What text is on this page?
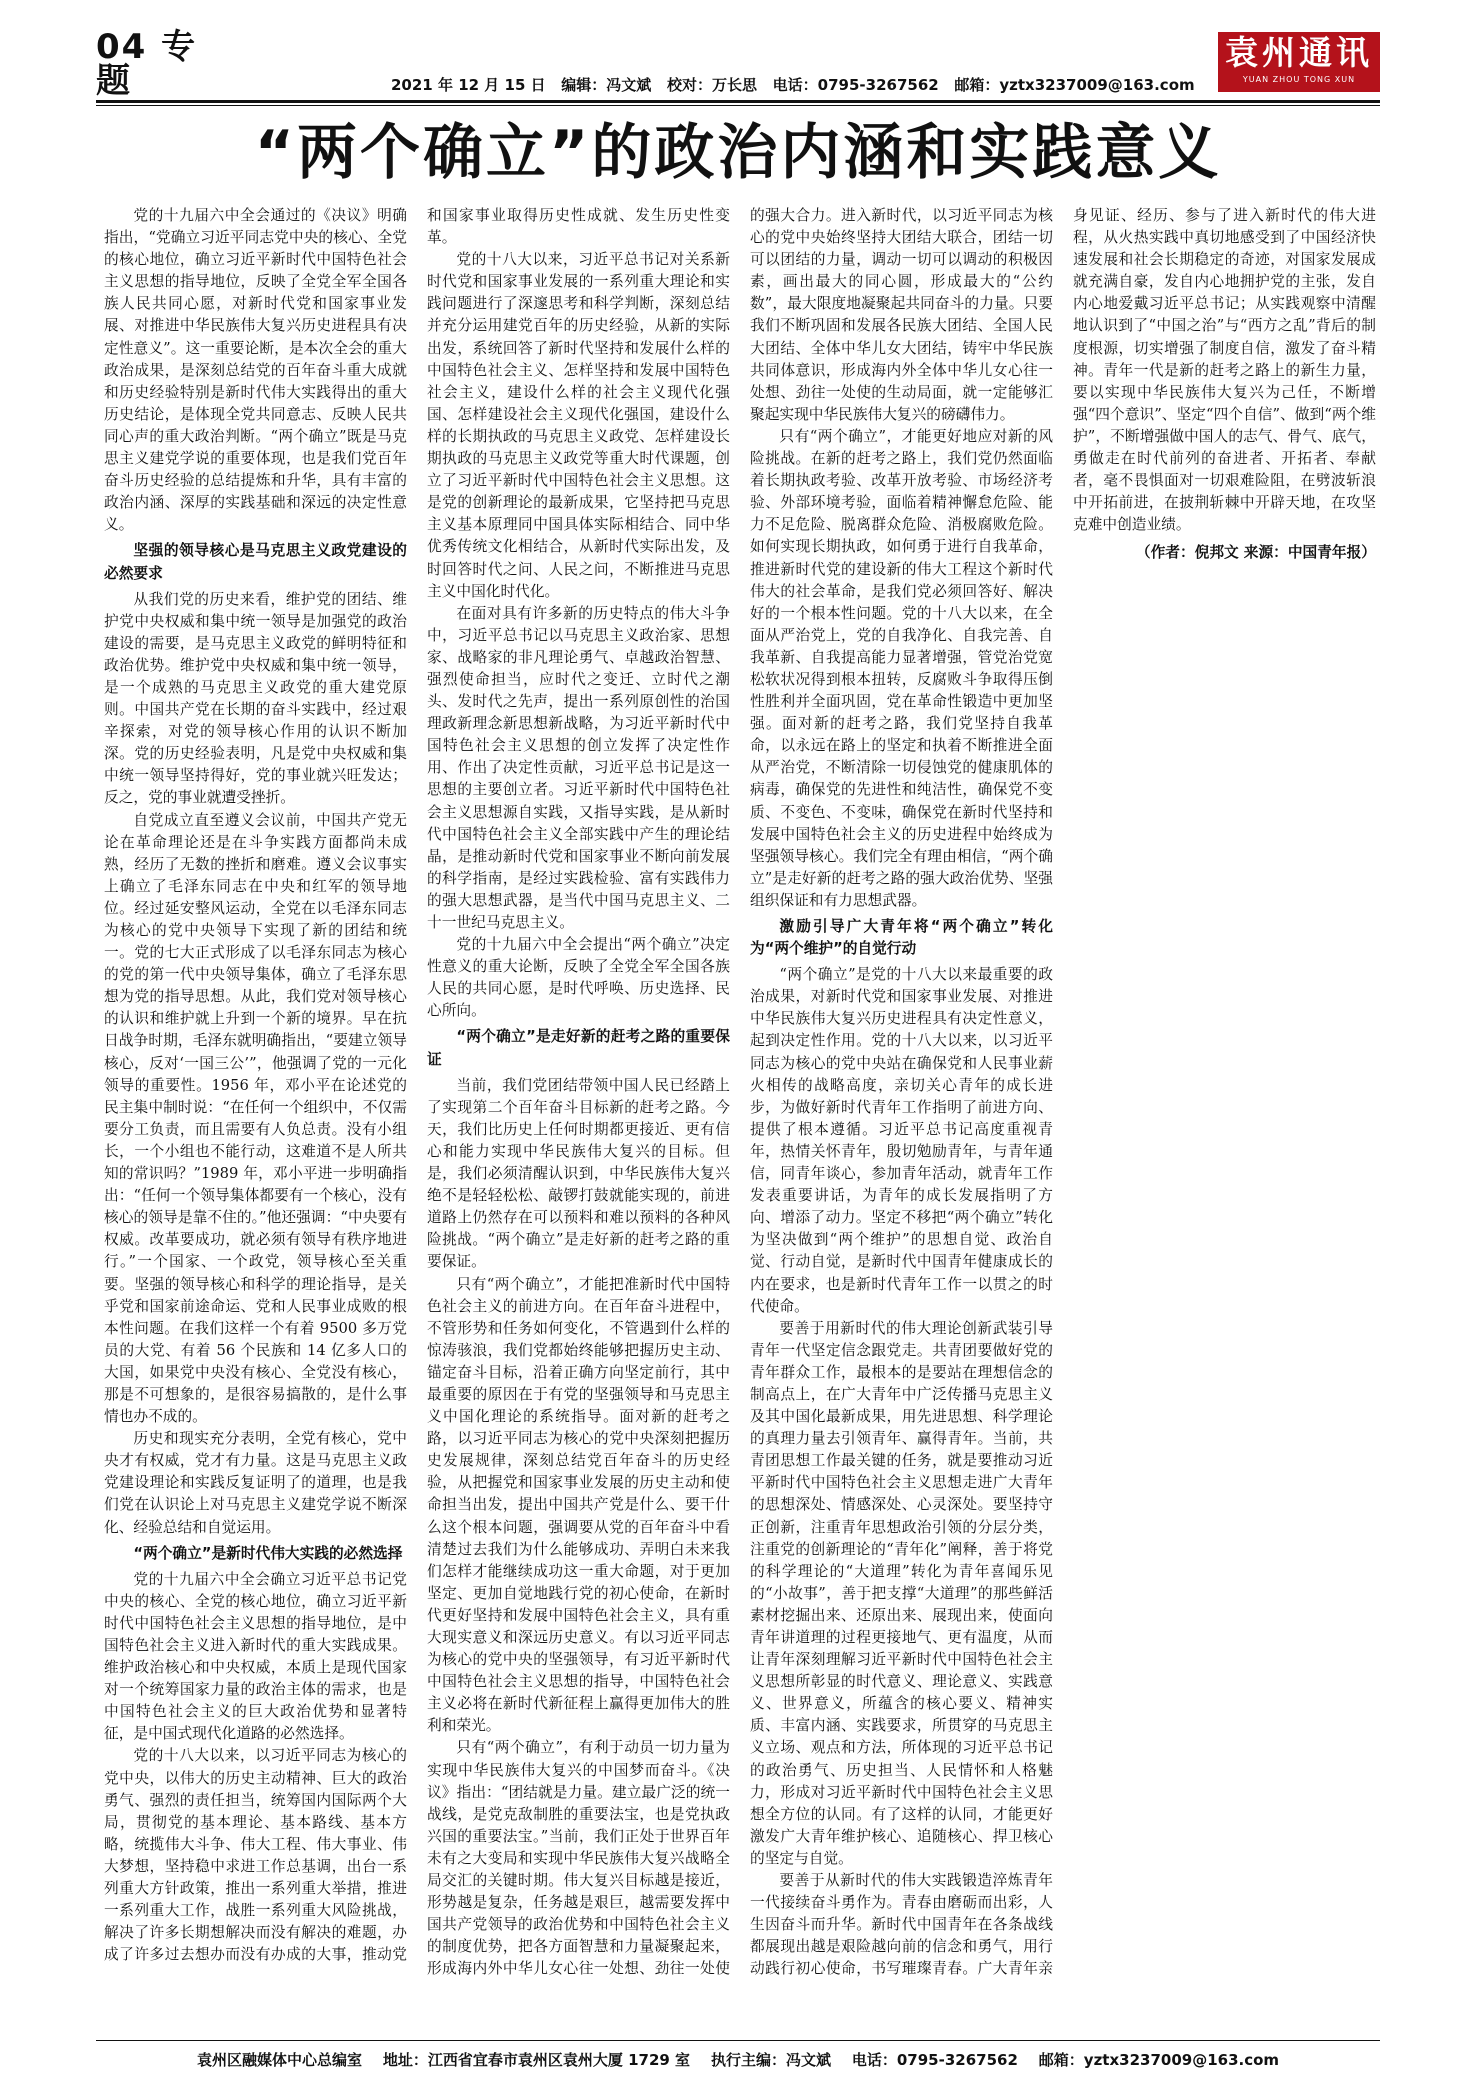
04 专题	2021 年 12 月 15 日 编辑：冯文斌 校对：万长思 电话：0795-3267562 邮箱：yztx3237009@163.com
袁州通讯
YUAN ZHOU TONG XUN
“两个确立”的政治内涵和实践意义

党的十九届六中全会通过的《决议》明确指出，“党确立习近平同志党中央的核心、全党的核心地位，确立习近平新时代中国特色社会主义思想的指导地位，反映了全党全军全国各族人民共同心愿，对新时代党和国家事业发展、对推进中华民族伟大复兴历史进程具有决定性意义”。这一重要论断，是本次全会的重大政治成果，是深刻总结党的百年奋斗重大成就和历史经验特别是新时代伟大实践得出的重大历史结论，是体现全党共同意志、反映人民共同心声的重大政治判断。“两个确立”既是马克思主义建党学说的重要体现，也是我们党百年奋斗历史经验的总结提炼和升华，具有丰富的政治内涵、深厚的实践基础和深远的决定性意义。

坚强的领导核心是马克思主义政党建设的必然要求

从我们党的历史来看，维护党的团结、维护党中央权威和集中统一领导是加强党的政治建设的需要，是马克思主义政党的鲜明特征和政治优势。维护党中央权威和集中统一领导，是一个成熟的马克思主义政党的重大建党原则。中国共产党在长期的奋斗实践中，经过艰辛探索，对党的领导核心作用的认识不断加深。党的历史经验表明，凡是党中央权威和集中统一领导坚持得好，党的事业就兴旺发达；反之，党的事业就遭受挫折。

自党成立直至遵义会议前，中国共产党无论在革命理论还是在斗争实践方面都尚未成熟，经历了无数的挫折和磨难。遵义会议事实上确立了毛泽东同志在中央和红军的领导地位。经过延安整风运动，全党在以毛泽东同志为核心的党中央领导下实现了新的团结和统一。党的七大正式形成了以毛泽东同志为核心的党的第一代中央领导集体，确立了毛泽东思想为党的指导思想。从此，我们党对领导核心的认识和维护就上升到一个新的境界。早在抗日战争时期，毛泽东就明确指出，“要建立领导核心，反对‘一国三公’”，他强调了党的一元化领导的重要性。1956 年，邓小平在论述党的民主集中制时说：“在任何一个组织中，不仅需要分工负责，而且需要有人负总责。没有小组长，一个小组也不能行动，这难道不是人所共知的常识吗？”1989 年，邓小平进一步明确指出：“任何一个领导集体都要有一个核心，没有核心的领导是靠不住的。”他还强调：“中央要有权威。改革要成功，就必须有领导有秩序地进行。”一个国家、一个政党，领导核心至关重要。坚强的领导核心和科学的理论指导，是关乎党和国家前途命运、党和人民事业成败的根本性问题。在我们这样一个有着 9500 多万党员的大党、有着 56 个民族和 14 亿多人口的大国，如果党中央没有核心、全党没有核心，那是不可想象的，是很容易搞散的，是什么事情也办不成的。

历史和现实充分表明，全党有核心，党中央才有权威，党才有力量。这是马克思主义政党建设理论和实践反复证明了的道理，也是我们党在认识论上对马克思主义建党学说不断深化、经验总结和自觉运用。

“两个确立”是新时代伟大实践的必然选择

党的十九届六中全会确立习近平总书记党中央的核心、全党的核心地位，确立习近平新时代中国特色社会主义思想的指导地位，是中国特色社会主义进入新时代的重大实践成果。维护政治核心和中央权威，本质上是现代国家对一个统筹国家力量的政治主体的需求，也是中国特色社会主义的巨大政治优势和显著特征，是中国式现代化道路的必然选择。

党的十八大以来，以习近平同志为核心的党中央，以伟大的历史主动精神、巨大的政治勇气、强烈的责任担当，统筹国内国际两个大局，贯彻党的基本理论、基本路线、基本方略，统揽伟大斗争、伟大工程、伟大事业、伟大梦想，坚持稳中求进工作总基调，出台一系列重大方针政策，推出一系列重大举措，推进一系列重大工作，战胜一系列重大风险挑战，解决了许多长期想解决而没有解决的难题，办成了许多过去想办而没有办成的大事，推动党和国家事业取得历史性成就、发生历史性变革。

党的十八大以来，习近平总书记对关系新时代党和国家事业发展的一系列重大理论和实践问题进行了深邃思考和科学判断，深刻总结并充分运用建党百年的历史经验，从新的实际出发，系统回答了新时代坚持和发展什么样的中国特色社会主义、怎样坚持和发展中国特色社会主义，建设什么样的社会主义现代化强国、怎样建设社会主义现代化强国，建设什么样的长期执政的马克思主义政党、怎样建设长期执政的马克思主义政党等重大时代课题，创立了习近平新时代中国特色社会主义思想。这是党的创新理论的最新成果，它坚持把马克思主义基本原理同中国具体实际相结合、同中华优秀传统文化相结合，从新时代实际出发，及时回答时代之问、人民之问，不断推进马克思主义中国化时代化。

在面对具有许多新的历史特点的伟大斗争中，习近平总书记以马克思主义政治家、思想家、战略家的非凡理论勇气、卓越政治智慧、强烈使命担当，应时代之变迁、立时代之潮头、发时代之先声，提出一系列原创性的治国理政新理念新思想新战略，为习近平新时代中国特色社会主义思想的创立发挥了决定性作用、作出了决定性贡献，习近平总书记是这一思想的主要创立者。习近平新时代中国特色社会主义思想源自实践，又指导实践，是从新时代中国特色社会主义全部实践中产生的理论结晶，是推动新时代党和国家事业不断向前发展的科学指南，是经过实践检验、富有实践伟力的强大思想武器，是当代中国马克思主义、二十一世纪马克思主义。

党的十九届六中全会提出“两个确立”决定性意义的重大论断，反映了全党全军全国各族人民的共同心愿，是时代呼唤、历史选择、民心所向。

“两个确立”是走好新的赶考之路的重要保证

当前，我们党团结带领中国人民已经踏上了实现第二个百年奋斗目标新的赶考之路。今天，我们比历史上任何时期都更接近、更有信心和能力实现中华民族伟大复兴的目标。但是，我们必须清醒认识到，中华民族伟大复兴绝不是轻轻松松、敲锣打鼓就能实现的，前进道路上仍然存在可以预料和难以预料的各种风险挑战。“两个确立”是走好新的赶考之路的重要保证。

只有“两个确立”，才能把准新时代中国特色社会主义的前进方向。在百年奋斗进程中，不管形势和任务如何变化，不管遇到什么样的惊涛骇浪，我们党都始终能够把握历史主动、锚定奋斗目标，沿着正确方向坚定前行，其中最重要的原因在于有党的坚强领导和马克思主义中国化理论的系统指导。面对新的赶考之路，以习近平同志为核心的党中央深刻把握历史发展规律，深刻总结党百年奋斗的历史经验，从把握党和国家事业发展的历史主动和使命担当出发，提出中国共产党是什么、要干什么这个根本问题，强调要从党的百年奋斗中看清楚过去我们为什么能够成功、弄明白未来我们怎样才能继续成功这一重大命题，对于更加坚定、更加自觉地践行党的初心使命，在新时代更好坚持和发展中国特色社会主义，具有重大现实意义和深远历史意义。有以习近平同志为核心的党中央的坚强领导，有习近平新时代中国特色社会主义思想的指导，中国特色社会主义必将在新时代新征程上赢得更加伟大的胜利和荣光。

只有“两个确立”，有利于动员一切力量为实现中华民族伟大复兴的中国梦而奋斗。《决议》指出：“团结就是力量。建立最广泛的统一战线，是党克敌制胜的重要法宝，也是党执政兴国的重要法宝。”当前，我们正处于世界百年未有之大变局和实现中华民族伟大复兴战略全局交汇的关键时期。伟大复兴目标越是接近，形势越是复杂，任务越是艰巨，越需要发挥中国共产党领导的政治优势和中国特色社会主义的制度优势，把各方面智慧和力量凝聚起来，形成海内外中华儿女心往一处想、劲往一处使的强大合力。进入新时代，以习近平同志为核心的党中央始终坚持大团结大联合，团结一切可以团结的力量，调动一切可以调动的积极因素，画出最大的同心圆，形成最大的“公约数”，最大限度地凝聚起共同奋斗的力量。只要我们不断巩固和发展各民族大团结、全国人民大团结、全体中华儿女大团结，铸牢中华民族共同体意识，形成海内外全体中华儿女心往一处想、劲往一处使的生动局面，就一定能够汇聚起实现中华民族伟大复兴的磅礴伟力。

只有“两个确立”，才能更好地应对新的风险挑战。在新的赶考之路上，我们党仍然面临着长期执政考验、改革开放考验、市场经济考验、外部环境考验，面临着精神懈怠危险、能力不足危险、脱离群众危险、消极腐败危险。如何实现长期执政，如何勇于进行自我革命，推进新时代党的建设新的伟大工程这个新时代伟大的社会革命，是我们党必须回答好、解决好的一个根本性问题。党的十八大以来，在全面从严治党上，党的自我净化、自我完善、自我革新、自我提高能力显著增强，管党治党宽松软状况得到根本扭转，反腐败斗争取得压倒性胜利并全面巩固，党在革命性锻造中更加坚强。面对新的赶考之路，我们党坚持自我革命，以永远在路上的坚定和执着不断推进全面从严治党，不断清除一切侵蚀党的健康肌体的病毒，确保党的先进性和纯洁性，确保党不变质、不变色、不变味，确保党在新时代坚持和发展中国特色社会主义的历史进程中始终成为坚强领导核心。我们完全有理由相信，“两个确立”是走好新的赶考之路的强大政治优势、坚强组织保证和有力思想武器。

激励引导广大青年将“两个确立”转化为“两个维护”的自觉行动

“两个确立”是党的十八大以来最重要的政治成果，对新时代党和国家事业发展、对推进中华民族伟大复兴历史进程具有决定性意义，起到决定性作用。党的十八大以来，以习近平同志为核心的党中央站在确保党和人民事业薪火相传的战略高度，亲切关心青年的成长进步，为做好新时代青年工作指明了前进方向、提供了根本遵循。习近平总书记高度重视青年，热情关怀青年，殷切勉励青年，与青年通信，同青年谈心，参加青年活动，就青年工作发表重要讲话，为青年的成长发展指明了方向、增添了动力。坚定不移把“两个确立”转化为坚决做到“两个维护”的思想自觉、政治自觉、行动自觉，是新时代中国青年健康成长的内在要求，也是新时代青年工作一以贯之的时代使命。

要善于用新时代的伟大理论创新武装引导青年一代坚定信念跟党走。共青团要做好党的青年群众工作，最根本的是要站在理想信念的制高点上，在广大青年中广泛传播马克思主义及其中国化最新成果，用先进思想、科学理论的真理力量去引领青年、赢得青年。当前，共青团思想工作最关键的任务，就是要推动习近平新时代中国特色社会主义思想走进广大青年的思想深处、情感深处、心灵深处。要坚持守正创新，注重青年思想政治引领的分层分类，注重党的创新理论的“青年化”阐释，善于将党的科学理论的“大道理”转化为青年喜闻乐见的“小故事”，善于把支撑“大道理”的那些鲜活素材挖掘出来、还原出来、展现出来，使面向青年讲道理的过程更接地气、更有温度，从而让青年深刻理解习近平新时代中国特色社会主义思想所彰显的时代意义、理论意义、实践意义、世界意义，所蕴含的核心要义、精神实质、丰富内涵、实践要求，所贯穿的马克思主义立场、观点和方法，所体现的习近平总书记的政治勇气、历史担当、人民情怀和人格魅力，形成对习近平新时代中国特色社会主义思想全方位的认同。有了这样的认同，才能更好激发广大青年维护核心、追随核心、捍卫核心的坚定与自觉。

要善于从新时代的伟大实践锻造淬炼青年一代接续奋斗勇作为。青春由磨砺而出彩，人生因奋斗而升华。新时代中国青年在各条战线都展现出越是艰险越向前的信念和勇气，用行动践行初心使命，书写璀璨青春。广大青年亲身见证、经历、参与了进入新时代的伟大进程，从火热实践中真切地感受到了中国经济快速发展和社会长期稳定的奇迹，对国家发展成就充满自豪，发自内心地拥护党的主张，发自内心地爱戴习近平总书记；从实践观察中清醒地认识到了“中国之治”与“西方之乱”背后的制度根源，切实增强了制度自信，激发了奋斗精神。青年一代是新的赶考之路上的新生力量，要以实现中华民族伟大复兴为己任，不断增强“四个意识”、坚定“四个自信”、做到“两个维护”，不断增强做中国人的志气、骨气、底气，勇做走在时代前列的奋进者、开拓者、奉献者，毫不畏惧面对一切艰难险阻，在劈波斩浪中开拓前进，在披荆斩棘中开辟天地，在攻坚克难中创造业绩。

（作者：倪邦文 来源：中国青年报）

袁州区融媒体中心总编室 地址：江西省宜春市袁州区袁州大厦 1729 室 执行主编：冯文斌 电话：0795-3267562 邮箱：yztx3237009@163.com
